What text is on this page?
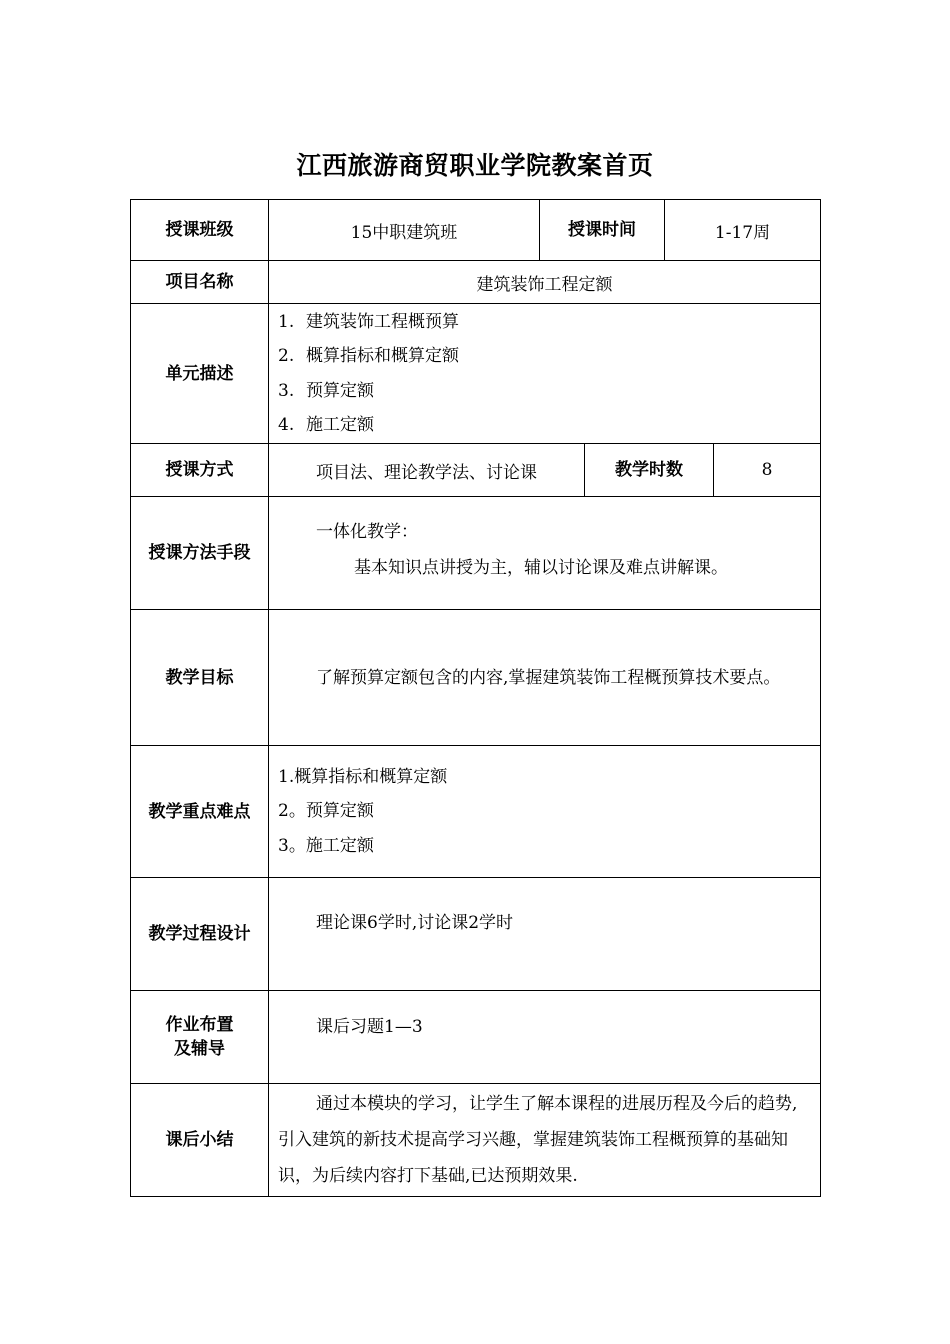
江西旅游商贸职业学院教案首页
授课班级	15中职建筑班	授课时间		1-17周	
项目名称	建筑装饰工程定额				
单元描述	1. 建筑装饰工程概预算
2. 概算指标和概算定额
3. 预算定额
4. 施工定额				

授课方式	项目法、理论教学法、讨论课		教学时数		8
授课方法手段	一体化教学：
基本知识点讲授为主，辅以讨论课及难点讲解课。				

教学目标	了解预算定额包含的内容,掌握建筑装饰工程概预算技术要点。				

教学重点难点	1.概算指标和概算定额
2。预算定额
3。施工定额				

教学过程设计	理论课6学时,讨论课2学时				

作业布置
及辅导	课后习题1—3				

课后小结	通过本模块的学习，让学生了解本课程的进展历程及今后的趋势,引入建筑的新技术提高学习兴趣，掌握建筑装饰工程概预算的基础知识，为后续内容打下基础,已达预期效果.				
